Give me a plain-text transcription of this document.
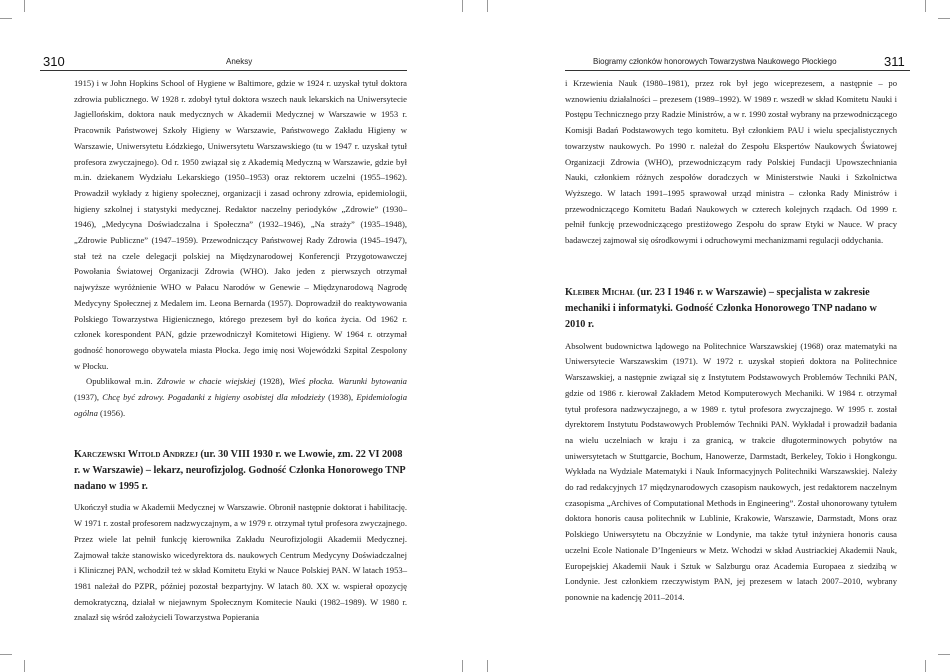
310	Aneksy

1915) i w John Hopkins School of Hygiene w Baltimore, gdzie w 1924 r. uzyskał tytuł doktora zdrowia publicznego. W 1928 r. zdobył tytuł doktora wszech nauk lekarskich na Uniwersytecie Jagiellońskim, doktora nauk medycznych w Akademii Medycznej w Warszawie w 1953 r. Pracownik Państwowej Szkoły Higieny w Warszawie, Państwowego Zakładu Higieny w Warszawie, Uniwersytetu Łódzkiego, Uniwersytetu Warszawskiego (tu w 1947 r. uzyskał tytuł profesora zwyczajnego). Od r. 1950 związał się z Akademią Medyczną w Warszawie, gdzie był m.in. dziekanem Wydziału Lekarskiego (1950–1953) oraz rektorem uczelni (1955–1962). Prowadził wykłady z higieny społecznej, organizacji i zasad ochrony zdrowia, epidemiologii, higieny szkolnej i statystyki medycznej. Redaktor naczelny periodyków „Zdrowie” (1930–1946), „Medycyna Doświadczalna i Społeczna” (1932–1946), „Na straży” (1935–1948), „Zdrowie Publiczne” (1947–1959). Przewodniczący Państwowej Rady Zdrowia (1945–1947), stał też na czele delegacji polskiej na Międzynarodowej Konferencji Przygotowawczej Powołania Światowej Organizacji Zdrowia (WHO). Jako jeden z pierwszych otrzymał najwyższe wyróżnienie WHO w Pałacu Narodów w Genewie – Międzynarodową Nagrodę Medycyny Społecznej z Medalem im. Leona Bernarda (1957). Doprowadził do reaktywowania Polskiego Towarzystwa Higienicznego, którego prezesem był do końca życia. Od 1962 r. członek korespondent PAN, gdzie przewodniczył Komitetowi Higieny. W 1964 r. otrzymał godność honorowego obywatela miasta Płocka. Jego imię nosi Wojewódzki Szpital Zespolony w Płocku.

Opublikował m.in. Zdrowie w chacie wiejskiej (1928), Wieś płocka. Warunki bytowania (1937), Chcę być zdrowy. Pogadanki z higieny osobistej dla młodzieży (1938), Epidemiologia ogólna (1956).

Karczewski Witold Andrzej (ur. 30 VIII 1930 r. we Lwowie, zm. 22 VI 2008 r. w Warszawie) – lekarz, neurofizjolog. Godność Członka Honorowego TNP nadano w 1995 r.

Ukończył studia w Akademii Medycznej w Warszawie. Obronił następnie doktorat i habilitację. W 1971 r. został profesorem nadzwyczajnym, a w 1979 r. otrzymał tytuł profesora zwyczajnego. Przez wiele lat pełnił funkcję kierownika Zakładu Neurofizjologii Akademii Medycznej. Zajmował także stanowisko wicedyrektora ds. naukowych Centrum Medycyny Doświadczalnej i Klinicznej PAN, wchodził też w skład Komitetu Etyki w Nauce Polskiej PAN. W latach 1953–1981 należał do PZPR, później pozostał bezpartyjny. W latach 80. XX w. wspierał opozycję demokratyczną, działał w niejawnym Społecznym Komitecie Nauki (1982–1989). W 1980 r. znalazł się wśród założycieli Towarzystwa Popierania

Biogramy członków honorowych Towarzystwa Naukowego Płockiego	311

i Krzewienia Nauk (1980–1981), przez rok był jego wiceprezesem, a następnie – po wznowieniu działalności – prezesem (1989–1992). W 1989 r. wszedł w skład Komitetu Nauki i Postępu Technicznego przy Radzie Ministrów, a w r. 1990 został wybrany na przewodniczącego Komisji Badań Podstawowych tego komitetu. Był członkiem PAU i wielu specjalistycznych towarzystw naukowych. Po 1990 r. należał do Zespołu Ekspertów Naukowych Światowej Organizacji Zdrowia (WHO), przewodniczącym rady Polskiej Fundacji Upowszechniania Nauki, członkiem różnych zespołów doradczych w Ministerstwie Nauki i Szkolnictwa Wyższego. W latach 1991–1995 sprawował urząd ministra – członka Rady Ministrów i przewodniczącego Komitetu Badań Naukowych w czterech kolejnych rządach. Od 1999 r. pełnił funkcję przewodniczącego prestiżowego Zespołu do spraw Etyki w Nauce. W pracy badawczej zajmował się ośrodkowymi i odruchowymi mechanizmami regulacji oddychania.

Kleiber Michał (ur. 23 I 1946 r. w Warszawie) – specjalista w zakresie mechaniki i informatyki. Godność Członka Honorowego TNP nadano w 2010 r.

Absolwent budownictwa lądowego na Politechnice Warszawskiej (1968) oraz matematyki na Uniwersytecie Warszawskim (1971). W 1972 r. uzyskał stopień doktora na Politechnice Warszawskiej, a następnie związał się z Instytutem Podstawowych Problemów Techniki PAN, gdzie od 1986 r. kierował Zakładem Metod Komputerowych Mechaniki. W 1984 r. otrzymał tytuł profesora nadzwyczajnego, a w 1989 r. tytuł profesora zwyczajnego. W 1995 r. został dyrektorem Instytutu Podstawowych Problemów Techniki PAN. Wykładał i prowadził badania na wielu uczelniach w kraju i za granicą, w trakcie długoterminowych pobytów na uniwersytetach w Stuttgarcie, Bochum, Hanowerze, Darmstadt, Berkeley, Tokio i Hongkongu. Wykłada na Wydziale Matematyki i Nauk Informacyjnych Politechniki Warszawskiej. Należy do rad redakcyjnych 17 międzynarodowych czasopism naukowych, jest redaktorem naczelnym czasopisma „Archives of Computational Methods in Engineering”. Został uhonorowany tytułem doktora honoris causa politechnik w Lublinie, Krakowie, Warszawie, Darmstadt, Mons oraz Polskiego Uniwersytetu na Obczyźnie w Londynie, ma także tytuł inżyniera honoris causa uczelni Ecole Nationale D’Ingenieurs w Metz. Wchodzi w skład Austriackiej Akademii Nauk, Europejskiej Akademii Nauk i Sztuk w Salzburgu oraz Academia Europaea z siedzibą w Londynie. Jest członkiem rzeczywistym PAN, jej prezesem w latach 2007–2010, wybrany ponownie na kadencję 2011–2014.
